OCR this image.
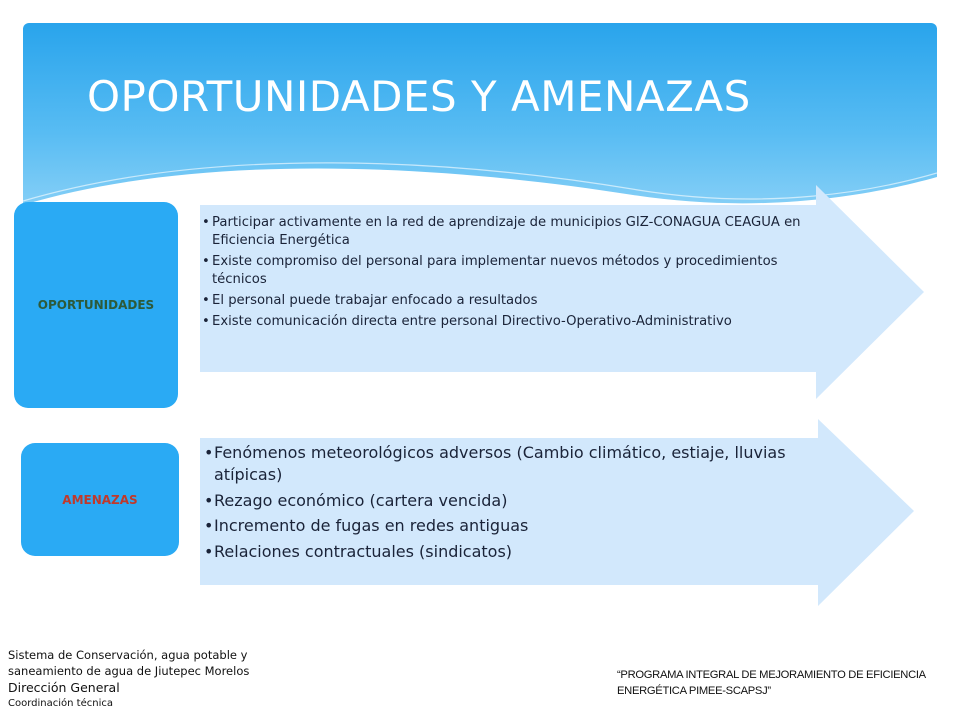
OPORTUNIDADES Y AMENAZAS
OPORTUNIDADES
• Participar activamente en la red de aprendizaje de municipios GIZ-CONAGUA CEAGUA en Eficiencia Energética
• Existe compromiso del personal para implementar nuevos métodos y procedimientos técnicos
• El personal puede trabajar enfocado a resultados
• Existe comunicación directa entre personal Directivo-Operativo-Administrativo
AMENAZAS
• Fenómenos meteorológicos adversos (Cambio climático, estiaje, lluvias atípicas)
• Rezago económico (cartera vencida)
• Incremento de fugas en redes antiguas
• Relaciones contractuales (sindicatos)
Sistema de Conservación, agua potable y saneamiento de agua de Jiutepec Morelos
Dirección General
Coordinación técnica
“PROGRAMA INTEGRAL DE MEJORAMIENTO DE EFICIENCIA ENERGÉTICA PIMEE-SCAPSJ”
